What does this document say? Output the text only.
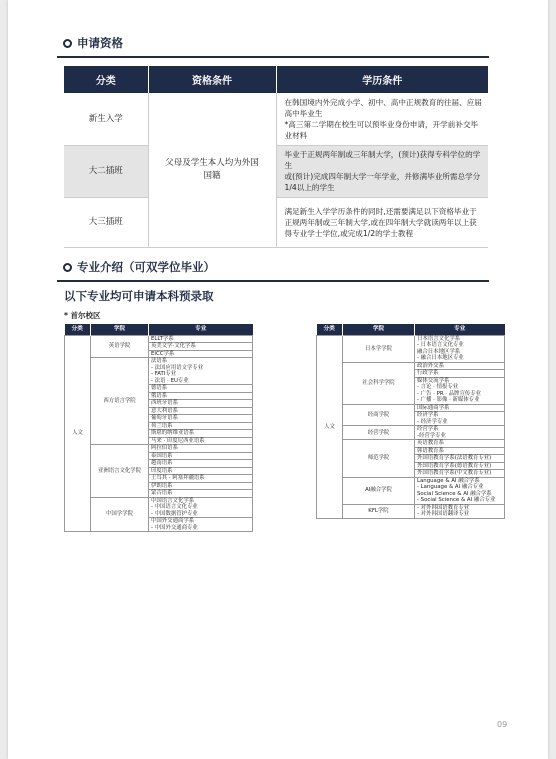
申请资格
分类	资格条件	学历条件
新生入学	父母及学生本人均为外国国籍	在韩国境内外完成小学、初中、高中正规教育的往届、应届高中毕业生
*高三第二学期在校生可以预毕业身份申请，开学前补交毕业材料
大二插班		毕业于正规两年制或三年制大学，(预计)获得专科学位的学生
或(预计)完成四年制大学一年学业，并修满毕业所需总学分1/4以上的学生
大三插班		满足新生入学学历条件的同时,还需要满足以下资格毕业于正规两年制或三年制大学,或在四年制大学就读两年以上获得专业学士学位,或完成1/2的学士教程
专业介绍（可双学位毕业）
以下专业均可申请本科预录取
* 首尔校区
分类	学院	专业
人文	英语学院	ELLT学系
		英美文学·文化学系
		EICC学系
	西方语言学院	法语系
- 法国应用语文学专业
- FATI专业
- 法语 · EU专业
		德语系
		俄语系
		西班牙语系
		意大利语系
		葡萄牙语系
		荷兰语系
		斯堪的纳维亚语系
		马来 · 印度尼西亚语系
	亚洲语言文化学院	阿拉伯语系
		泰国语系
		越南语系
		印度语系
		土耳其 · 阿塞拜疆语系
		伊朗语系
		蒙古语系
	中国学学院	中国语言文化学系
- 中国语言文化专业
- 中国数据管护专业
		中国外交通商学系
- 中国外交通商专业
分类	学院	专业
人文	日本学学院	日本语言文化学系
- 日本语言文化专业
融合日本地区学系
- 融合日本地区专业
	社会科学学院	政治外交系
		行政学系
		媒体交流学系
- 言论 · 情报专业
- 广告 · PR · 品牌宣传专业
- 广播 · 影像 · 新媒体专业
	经商学院	国际通商学系
		经济学系
- 经济学专业
	经营学院	经营学系
-经营学专业
	师范学院	英语教育系
		韩语教育系
		外国语教育学系(法语教育专业)
		外国语教育学系(德语教育专业)
		外国语教育学系(中文教育专业)
	AI融合学院	Language & AI 融合学系
- Language & AI 融合专业
Social Science & AI 融合学系
- Social Science & AI 融合专业
	KFL学院	- 对外韩国语教育专业
- 对外韩国语翻译专业
09
